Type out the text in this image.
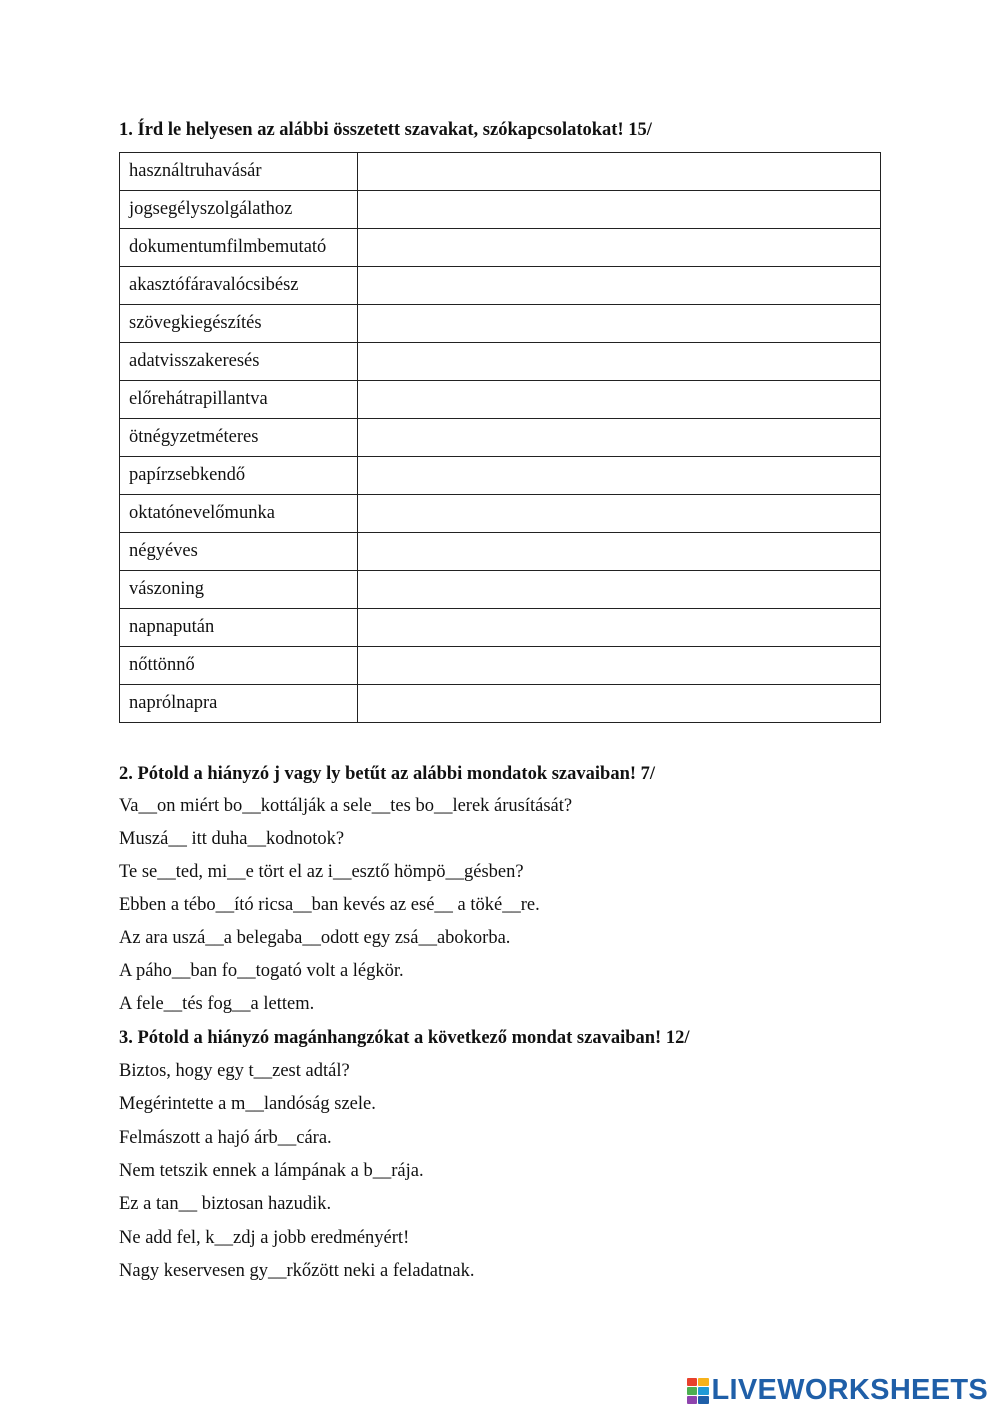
1. Írd le helyesen az alábbi összetett szavakat, szókapcsolatokat! 15/
használtruhavásár	
jogsegélyszolgálathoz	
dokumentumfilmbemutató	
akasztófáravalócsibész	
szövegkiegészítés	
adatvisszakeresés	
előrehátrapillantva	
ötnégyzetméteres	
papírzsebkendő	
oktatónevelőmunka	
négyéves	
vászoning	
napnapután	
nőttönnő	
naprólnapra	
2. Pótold a hiányzó j vagy ly betűt az alábbi mondatok szavaiban! 7/
Va__on miért bo__kottálják a sele__tes bo__lerek árusítását?
Muszá__ itt duha__kodnotok?
Te se__ted, mi__e tört el az i__esztő hömpö__gésben?
Ebben a tébo__ító ricsa__ban kevés az esé__ a töké__re.
Az ara uszá__a belegaba__odott egy zsá__abokorba.
A páho__ban fo__togató volt a légkör.
A fele__tés fog__a lettem.
3. Pótold a hiányzó magánhangzókat a következő mondat szavaiban! 12/
Biztos, hogy egy t__zest adtál?
Megérintette a m__landóság szele.
Felmászott a hajó árb__cára.
Nem tetszik ennek a lámpának a b__rája.
Ez a tan__ biztosan hazudik.
Ne add fel, k__zdj a jobb eredményért!
Nagy keservesen gy__rkőzött neki a feladatnak.
LIVEWORKSHEETS
